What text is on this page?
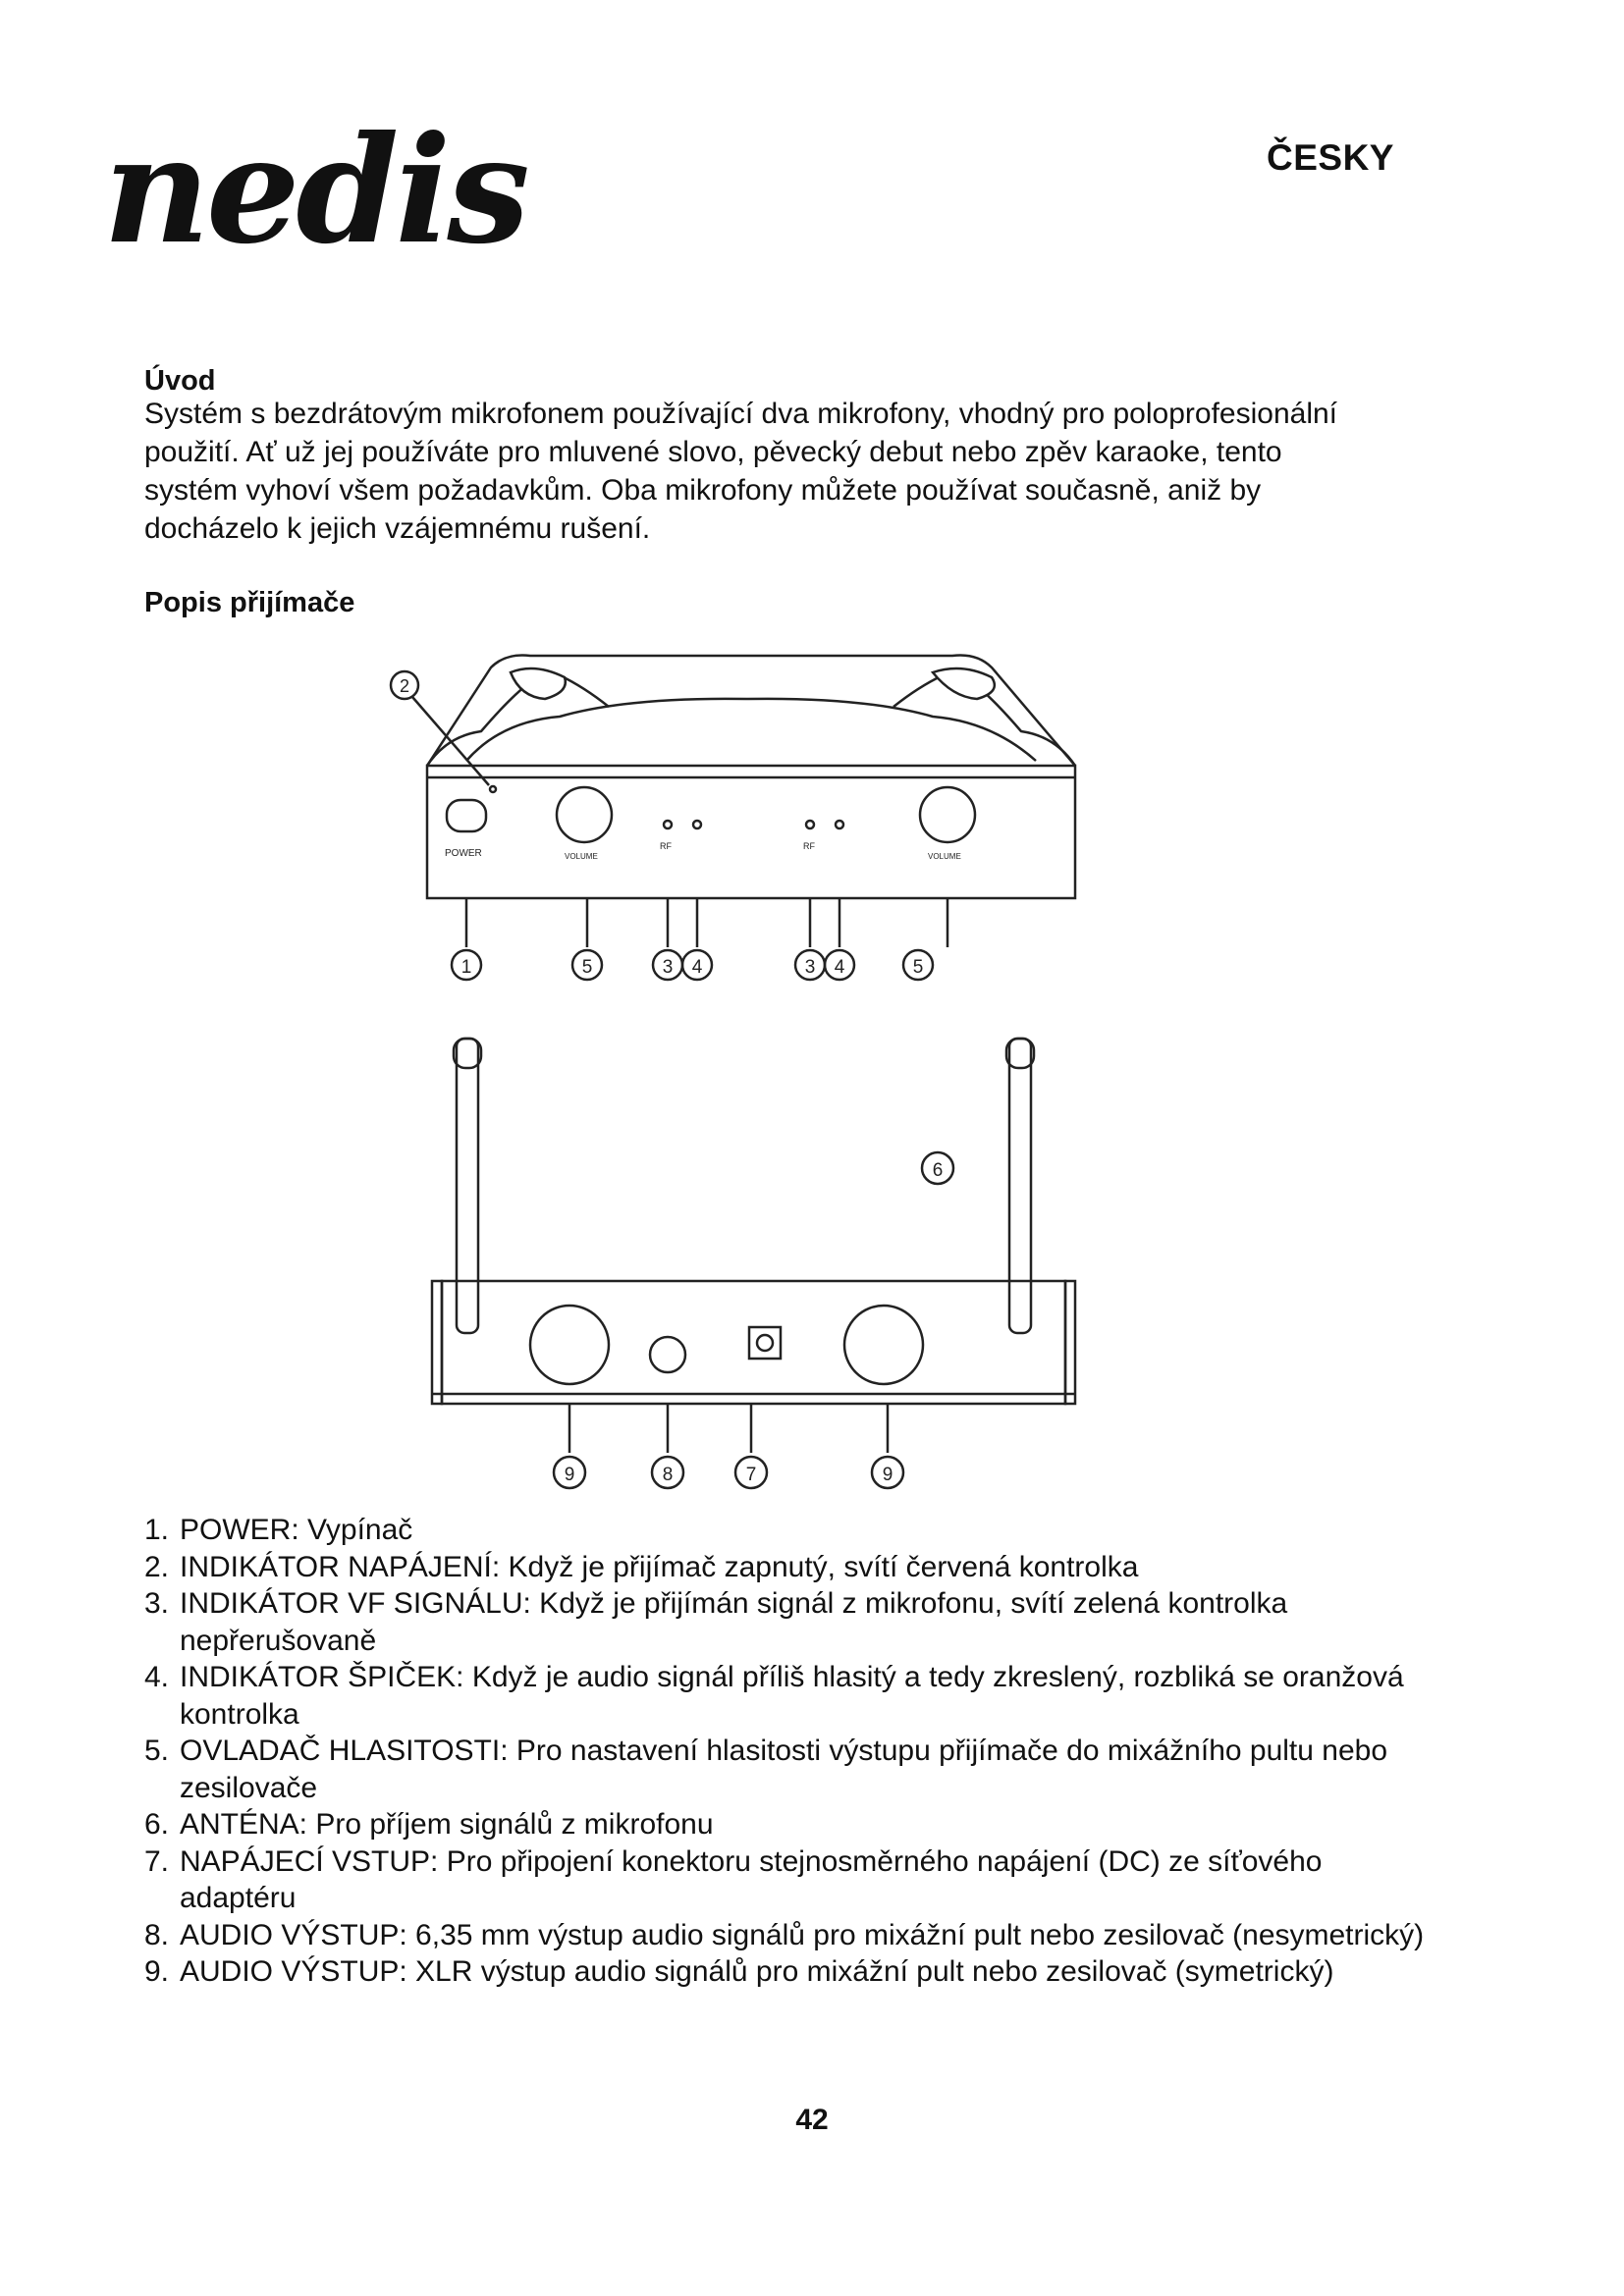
nedis	ČESKY
Úvod

Systém s bezdrátovým mikrofonem používající dva mikrofony, vhodný pro poloprofesionální

použití. Ať už jej používáte pro mluvené slovo, pěvecký debut nebo zpěv karaoke, tento

systém vyhoví všem požadavkům. Oba mikrofony můžete používat současně, aniž by

docházelo k jejich vzájemnému rušení.

Popis přijímače
POWER	VOLUME	VOLUME
RF	RF
2
1	5	3 4	3 4	5
6
9	8	7	9
1. POWER: Vypínač
2. INDIKÁTOR NAPÁJENÍ: Když je přijímač zapnutý, svítí červená kontrolka
3. INDIKÁTOR VF SIGNÁLU: Když je přijímán signál z mikrofonu, svítí zelená kontrolka nepřerušovaně
4. INDIKÁTOR ŠPIČEK: Když je audio signál příliš hlasitý a tedy zkreslený, rozbliká se oranžová kontrolka
5. OVLADAČ HLASITOSTI: Pro nastavení hlasitosti výstupu přijímače do mixážního pultu nebo zesilovače
6. ANTÉNA: Pro příjem signálů z mikrofonu
7. NAPÁJECÍ VSTUP: Pro připojení konektoru stejnosměrného napájení (DC) ze síťového adaptéru
8. AUDIO VÝSTUP: 6,35 mm výstup audio signálů pro mixážní pult nebo zesilovač (nesymetrický)
9. AUDIO VÝSTUP: XLR výstup audio signálů pro mixážní pult nebo zesilovač (symetrický)
42
